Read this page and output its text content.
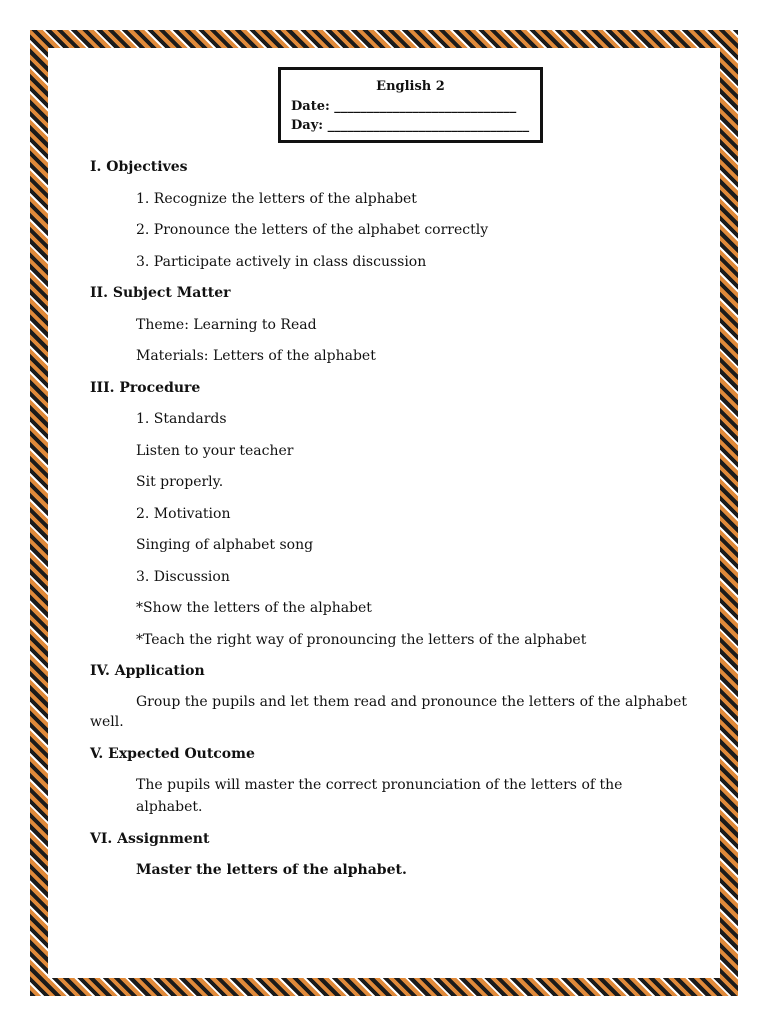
English 2
Date: ____________________________
Day: _______________________________
I. Objectives
1. Recognize the letters of the alphabet
2. Pronounce the letters of the alphabet correctly
3. Participate actively in class discussion
II. Subject Matter
Theme: Learning to Read
Materials: Letters of the alphabet
III. Procedure
1. Standards
Listen to your teacher
Sit properly.
2. Motivation
Singing of alphabet song
3. Discussion
*Show the letters of the alphabet
*Teach the right way of pronouncing the letters of the alphabet
IV. Application
Group the pupils and let them read and pronounce the letters of the alphabet well.
V. Expected Outcome
The pupils will master the correct pronunciation of the letters of the alphabet.
VI. Assignment
Master the letters of the alphabet.
